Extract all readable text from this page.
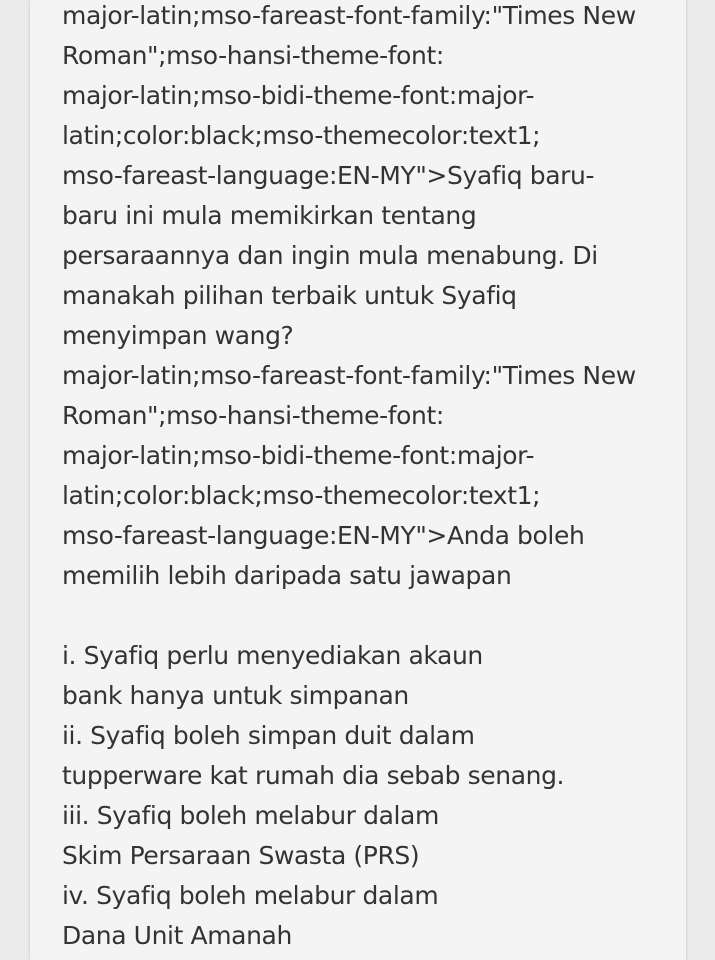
major-latin;mso-fareast-font-family:"Times New
Roman";mso-hansi-theme-font:
major-latin;mso-bidi-theme-font:major-
latin;color:black;mso-themecolor:text1;
mso-fareast-language:EN-MY">Syafiq baru-
baru ini mula memikirkan tentang
persaraannya dan ingin mula menabung. Di
manakah pilihan terbaik untuk Syafiq
menyimpan wang?
major-latin;mso-fareast-font-family:"Times New
Roman";mso-hansi-theme-font:
major-latin;mso-bidi-theme-font:major-
latin;color:black;mso-themecolor:text1;
mso-fareast-language:EN-MY">Anda boleh
memilih lebih daripada satu jawapan
i. Syafiq perlu menyediakan akaun
bank hanya untuk simpanan
ii. Syafiq boleh simpan duit dalam
tupperware kat rumah dia sebab senang.
iii. Syafiq boleh melabur dalam
Skim Persaraan Swasta (PRS)
iv. Syafiq boleh melabur dalam
Dana Unit Amanah
